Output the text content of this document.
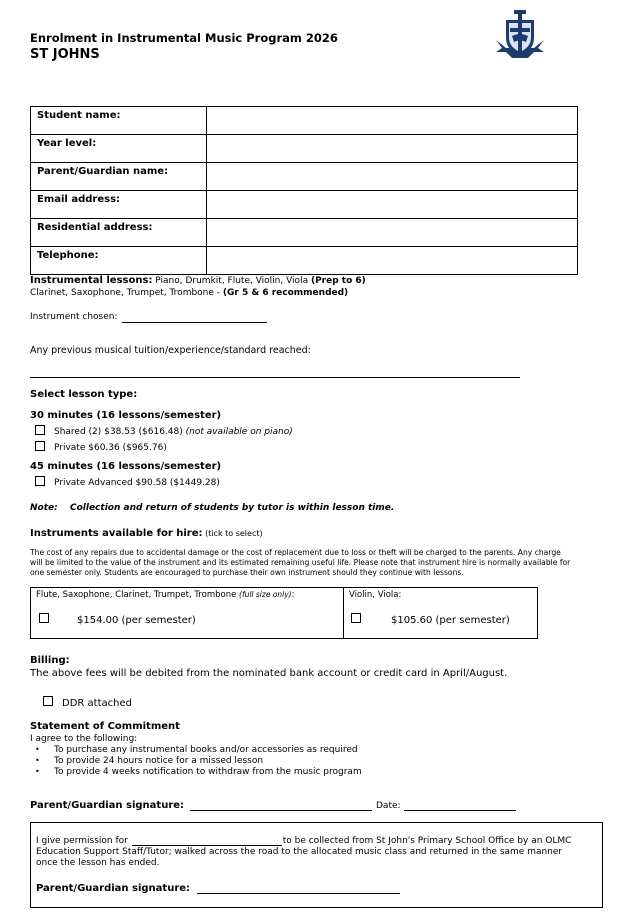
Enrolment in Instrumental Music Program 2026
ST JOHNS
Student name:	
Year level:	
Parent/Guardian name:	
Email address:	
Residential address:	
Telephone:	
Instrumental lessons: Piano, Drumkit, Flute, Violin, Viola (Prep to 6)
Clarinet, Saxophone, Trumpet, Trombone - (Gr 5 & 6 recommended)
Instrument chosen:
Any previous musical tuition/experience/standard reached:
Select lesson type:
30 minutes (16 lessons/semester)
Shared (2) $38.53 ($616.48) (not available on piano)
Private $60.36 ($965.76)
45 minutes (16 lessons/semester)
Private Advanced $90.58 ($1449.28)
Note: Collection and return of students by tutor is within lesson time.
Instruments available for hire: (tick to select)
The cost of any repairs due to accidental damage or the cost of replacement due to loss or theft will be charged to the parents. Any charge
will be limited to the value of the instrument and its estimated remaining useful life. Please note that instrument hire is normally available for
one semester only. Students are encouraged to purchase their own instrument should they continue with lessons.
Flute, Saxophone, Clarinet, Trumpet, Trombone (full size only):
$154.00 (per semester)
Violin, Viola:
$105.60 (per semester)
Billing:
The above fees will be debited from the nominated bank account or credit card in April/August.
DDR attached
Statement of Commitment
I agree to the following:
• To purchase any instrumental books and/or accessories as required
• To provide 24 hours notice for a missed lesson
• To provide 4 weeks notification to withdraw from the music program
Parent/Guardian signature:	Date:
I give permission for	to be collected from St John's Primary School Office by an OLMC
Education Support Staff/Tutor; walked across the road to the allocated music class and returned in the same manner
once the lesson has ended.
Parent/Guardian signature:
